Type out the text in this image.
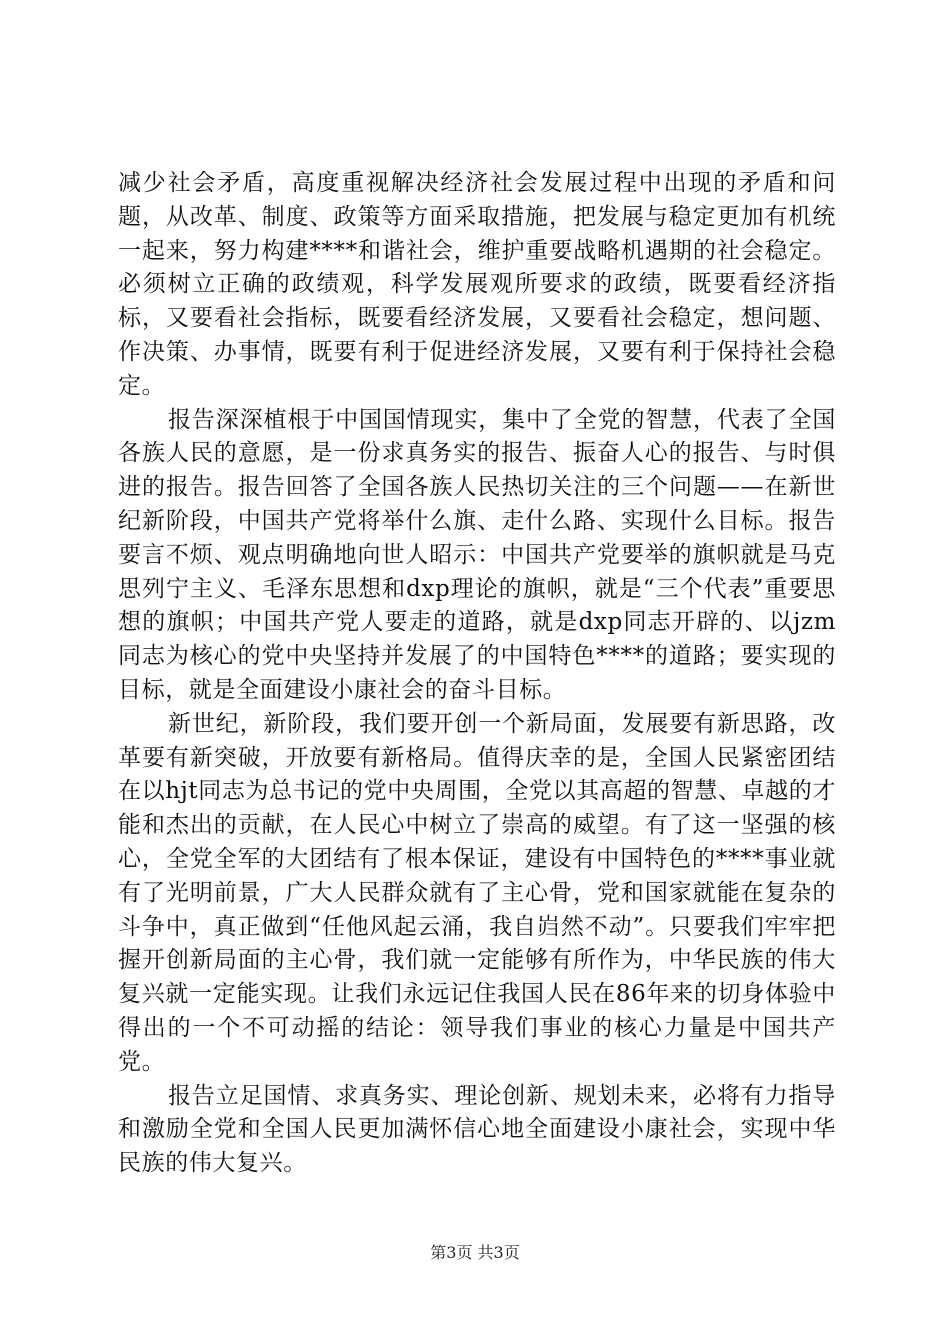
减少社会矛盾，高度重视解决经济社会发展过程中出现的矛盾和问题，从改革、制度、政策等方面采取措施，把发展与稳定更加有机统一起来，努力构建****和谐社会，维护重要战略机遇期的社会稳定。必须树立正确的政绩观，科学发展观所要求的政绩，既要看经济指标，又要看社会指标，既要看经济发展，又要看社会稳定，想问题、作决策、办事情，既要有利于促进经济发展，又要有利于保持社会稳定。

报告深深植根于中国国情现实，集中了全党的智慧，代表了全国各族人民的意愿，是一份求真务实的报告、振奋人心的报告、与时俱进的报告。报告回答了全国各族人民热切关注的三个问题——在新世纪新阶段，中国共产党将举什么旗、走什么路、实现什么目标。报告要言不烦、观点明确地向世人昭示：中国共产党要举的旗帜就是马克思列宁主义、毛泽东思想和dxp理论的旗帜，就是“三个代表”重要思想的旗帜；中国共产党人要走的道路，就是dxp同志开辟的、以jzm同志为核心的党中央坚持并发展了的中国特色****的道路；要实现的目标，就是全面建设小康社会的奋斗目标。

新世纪，新阶段，我们要开创一个新局面，发展要有新思路，改革要有新突破，开放要有新格局。值得庆幸的是，全国人民紧密团结在以hjt同志为总书记的党中央周围，全党以其高超的智慧、卓越的才能和杰出的贡献，在人民心中树立了崇高的威望。有了这一坚强的核心，全党全军的大团结有了根本保证，建设有中国特色的****事业就有了光明前景，广大人民群众就有了主心骨，党和国家就能在复杂的斗争中，真正做到“任他风起云涌，我自岿然不动”。只要我们牢牢把握开创新局面的主心骨，我们就一定能够有所作为，中华民族的伟大复兴就一定能实现。让我们永远记住我国人民在86年来的切身体验中得出的一个不可动摇的结论：领导我们事业的核心力量是中国共产党。

报告立足国情、求真务实、理论创新、规划未来，必将有力指导和激励全党和全国人民更加满怀信心地全面建设小康社会，实现中华民族的伟大复兴。

第3页 共3页
